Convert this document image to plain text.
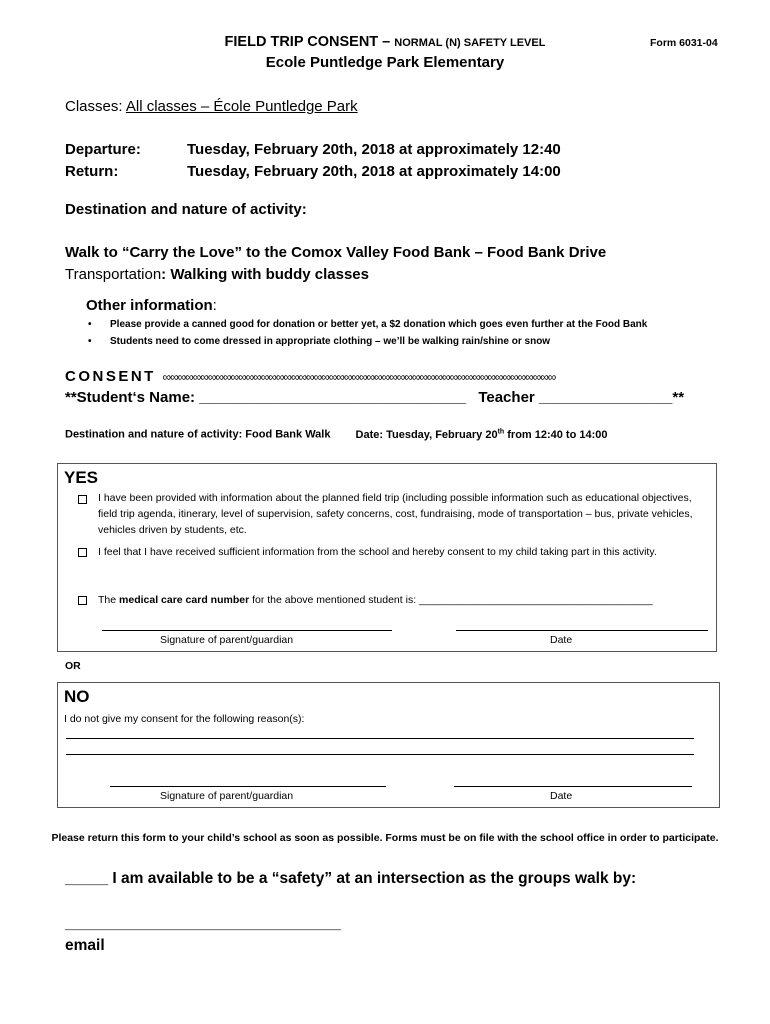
FIELD TRIP CONSENT – NORMAL (N) SAFETY LEVEL	Form 6031-04
Ecole Puntledge Park Elementary
Classes: All classes – École Puntledge Park
Departure:	Tuesday, February 20th, 2018 at approximately 12:40
Return:	Tuesday, February 20th, 2018 at approximately 14:00
Destination and nature of activity:
Walk to “Carry the Love” to the Comox Valley Food Bank – Food Bank Drive
Transportation: Walking with buddy classes
Other information:
• Please provide a canned good for donation or better yet, a $2 donation which goes even further at the Food Bank
• Students need to come dressed in appropriate clothing – we’ll be walking rain/shine or snow
CONSENT ∞∞∞∞∞∞∞∞∞∞∞∞∞∞∞∞∞∞∞∞∞∞∞∞∞∞∞∞∞∞∞∞∞∞∞∞∞∞∞∞∞∞∞∞∞∞∞∞∞∞∞∞
**Student‘s Name: ________________________________ Teacher ________________**
Destination and nature of activity: Food Bank Walk Date: Tuesday, February 20th from 12:40 to 14:00
YES
I have been provided with information about the planned field trip (including possible information such as educational objectives, field trip agenda, itinerary, level of supervision, safety concerns, cost, fundraising, mode of transportation – bus, private vehicles, vehicles driven by students, etc.
I feel that I have received sufficient information from the school and hereby consent to my child taking part in this activity.
The medical care card number for the above mentioned student is: ________________________________________
Signature of parent/guardian	Date
OR
NO
I do not give my consent for the following reason(s):
Signature of parent/guardian	Date
Please return this form to your child’s school as soon as possible. Forms must be on file with the school office in order to participate.
_____ I am available to be a “safety” at an intersection as the groups walk by:
________________________________
email
